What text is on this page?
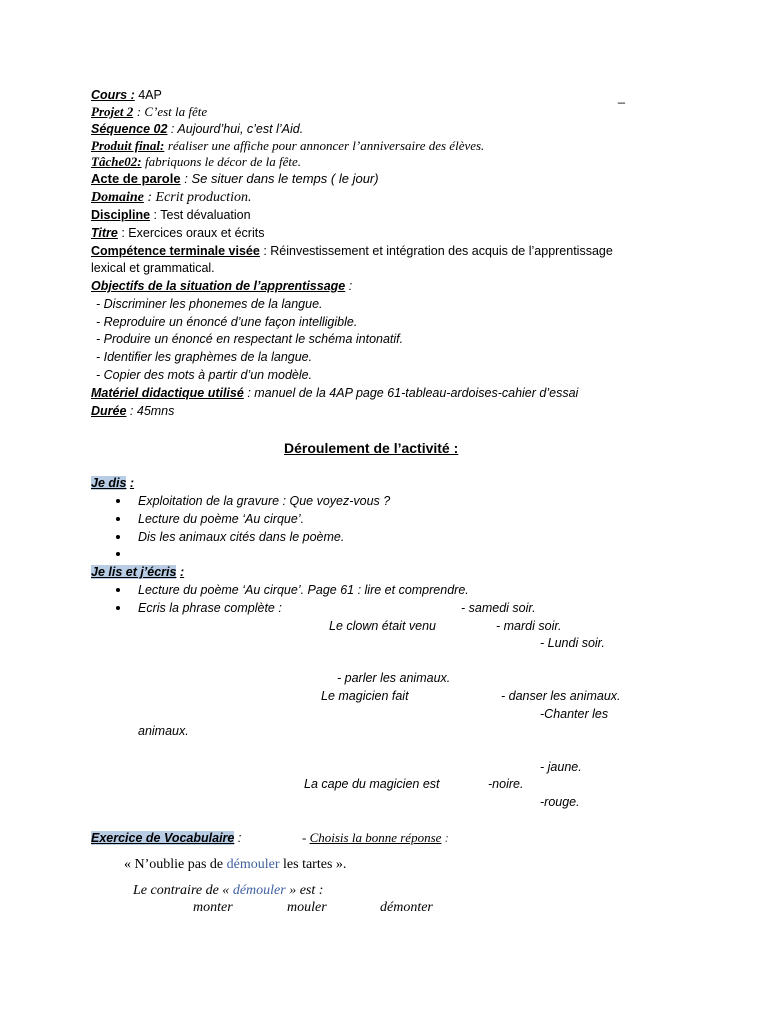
Cours : 4AP	_
Projet 2 : C’est la fête
Séquence 02 : Aujourd’hui, c’est l’Aid.
Produit final: réaliser une affiche pour annoncer l’anniversaire des élèves.
Tâche02: fabriquons le décor de la fête.
Acte de parole : Se situer dans le temps ( le jour)
Domaine : Ecrit production.
Discipline : Test dévaluation
Titre : Exercices oraux et écrits
Compétence terminale visée : Réinvestissement et intégration des acquis de l’apprentissage
lexical et grammatical.
Objectifs de la situation de l’apprentissage :
- Discriminer les phonemes de la langue.
- Reproduire un énoncé d’une façon intelligible.
- Produire un énoncé en respectant le schéma intonatif.
- Identifier les graphèmes de la langue.
- Copier des mots à partir d’un modèle.
Matériel didactique utilisé : manuel de la 4AP page 61-tableau-ardoises-cahier d’essai
Durée : 45mns
Déroulement de l’activité :
Je dis :
Exploitation de la gravure : Que voyez-vous ?
Lecture du poème ‘Au cirque’.
Dis les animaux cités dans le poème.
Je lis et j’écris :
Lecture du poème ‘Au cirque’. Page 61 : lire et comprendre.
Ecris la phrase complète :	- samedi soir.
Le clown était venu	- mardi soir.
- Lundi soir.
- parler les animaux.
Le magicien fait	- danser les animaux.
-Chanter les
animaux.
- jaune.
La cape du magicien est	-noire.
-rouge.
Exercice de Vocabulaire :	- Choisis la bonne réponse :
« N’oublie pas de démouler les tartes ».
Le contraire de « démouler » est :
monter	mouler	démonter
